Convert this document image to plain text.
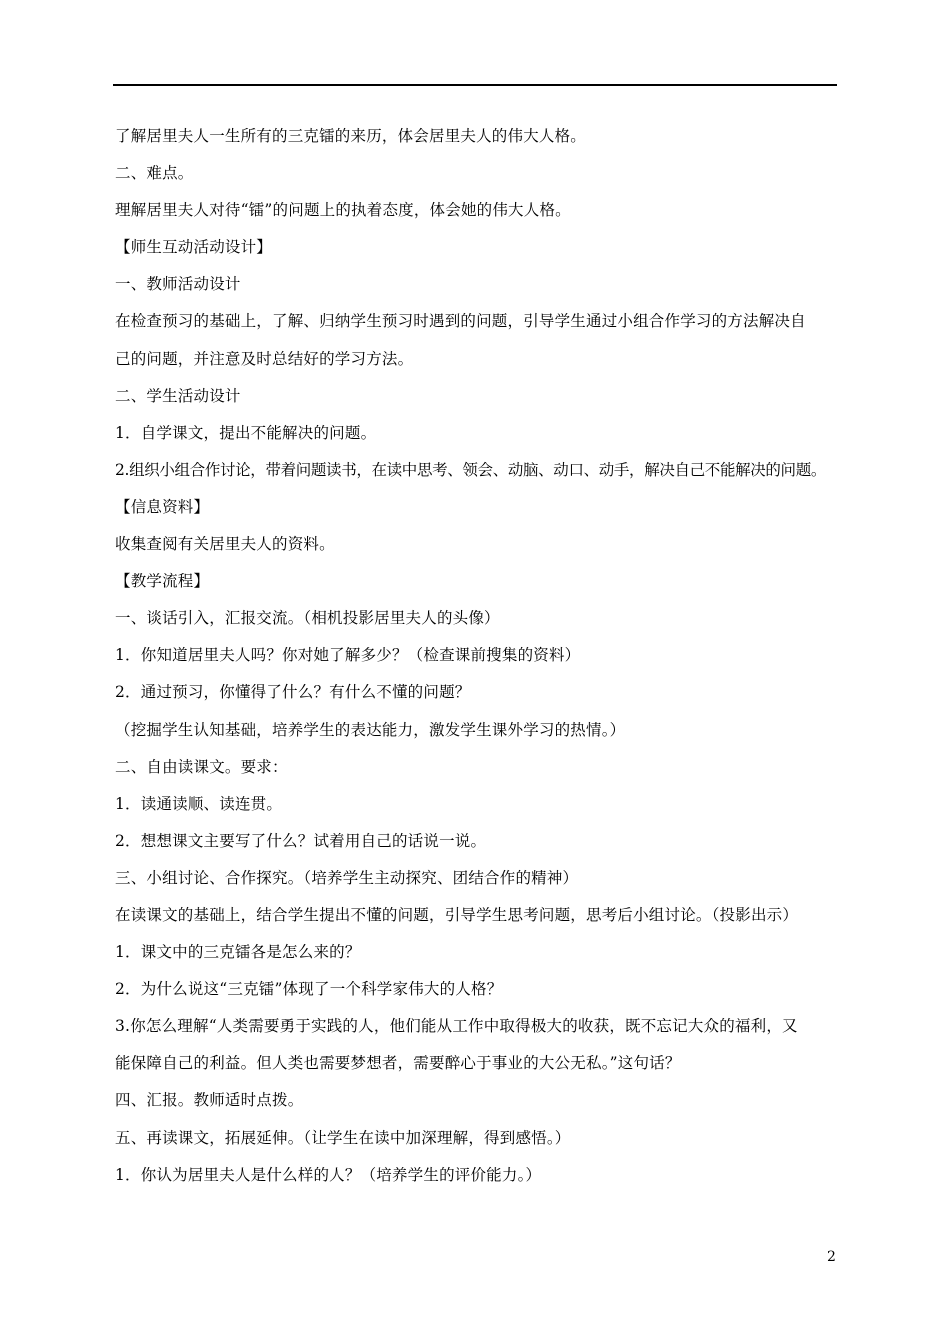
了解居里夫人一生所有的三克镭的来历，体会居里夫人的伟大人格。
二、难点。
理解居里夫人对待“镭”的问题上的执着态度，体会她的伟大人格。
【师生互动活动设计】
一、教师活动设计
在检查预习的基础上，了解、归纳学生预习时遇到的问题，引导学生通过小组合作学习的方法解决自
己的问题，并注意及时总结好的学习方法。
二、学生活动设计
1．自学课文，提出不能解决的问题。
2.组织小组合作讨论，带着问题读书，在读中思考、领会、动脑、动口、动手，解决自己不能解决的问题。
【信息资料】
收集查阅有关居里夫人的资料。
【教学流程】
一、谈话引入，汇报交流。（相机投影居里夫人的头像）
1．你知道居里夫人吗？你对她了解多少？（检查课前搜集的资料）
2．通过预习，你懂得了什么？有什么不懂的问题？
（挖掘学生认知基础，培养学生的表达能力，激发学生课外学习的热情。）
二、自由读课文。要求：
1．读通读顺、读连贯。
2．想想课文主要写了什么？试着用自己的话说一说。
三、小组讨论、合作探究。（培养学生主动探究、团结合作的精神）
在读课文的基础上，结合学生提出不懂的问题，引导学生思考问题，思考后小组讨论。（投影出示）
1．课文中的三克镭各是怎么来的？
2．为什么说这“三克镭”体现了一个科学家伟大的人格？
3.你怎么理解“人类需要勇于实践的人，他们能从工作中取得极大的收获，既不忘记大众的福利，又
能保障自己的利益。但人类也需要梦想者，需要醉心于事业的大公无私。”这句话？
四、汇报。教师适时点拨。
五、再读课文，拓展延伸。（让学生在读中加深理解，得到感悟。）
1．你认为居里夫人是什么样的人？（培养学生的评价能力。）
2
